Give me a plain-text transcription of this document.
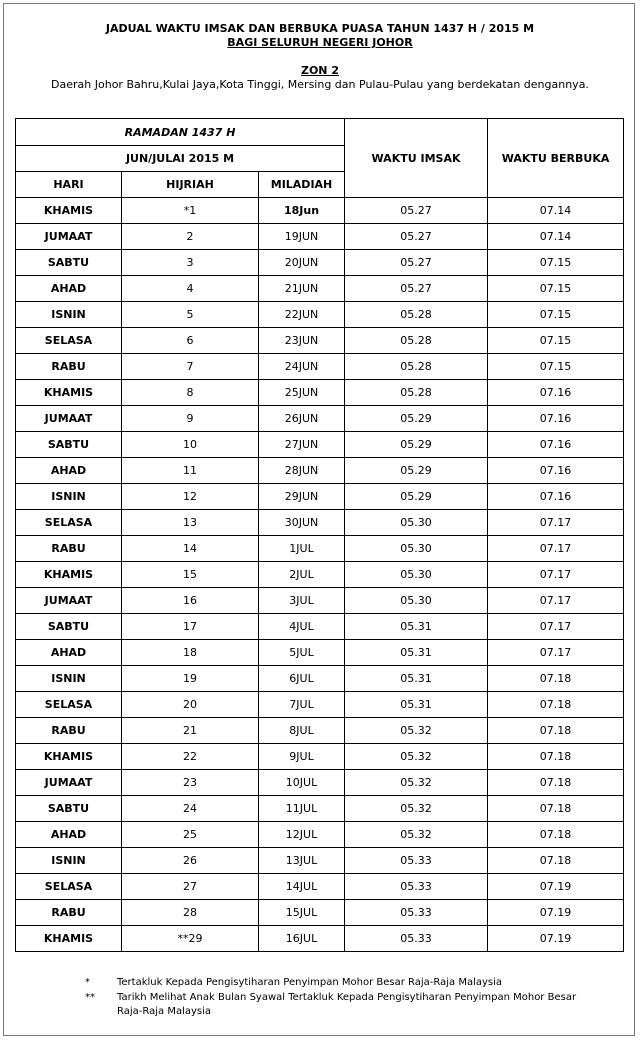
JADUAL WAKTU IMSAK DAN BERBUKA PUASA TAHUN 1437 H / 2015 M
BAGI SELURUH NEGERI JOHOR
ZON 2
Daerah Johor Bahru,Kulai Jaya,Kota Tinggi, Mersing dan Pulau-Pulau yang berdekatan dengannya.
RAMADAN 1437 H			WAKTU IMSAK	WAKTU BERBUKA
JUN/JULAI 2015 M				
HARI	HIJRIAH	MILADIAH		
KHAMIS	*1	18Jun	05.27	07.14
JUMAAT	2	19JUN	05.27	07.14
SABTU	3	20JUN	05.27	07.15
AHAD	4	21JUN	05.27	07.15
ISNIN	5	22JUN	05.28	07.15
SELASA	6	23JUN	05.28	07.15
RABU	7	24JUN	05.28	07.15
KHAMIS	8	25JUN	05.28	07.16
JUMAAT	9	26JUN	05.29	07.16
SABTU	10	27JUN	05.29	07.16
AHAD	11	28JUN	05.29	07.16
ISNIN	12	29JUN	05.29	07.16
SELASA	13	30JUN	05.30	07.17
RABU	14	1JUL	05.30	07.17
KHAMIS	15	2JUL	05.30	07.17
JUMAAT	16	3JUL	05.30	07.17
SABTU	17	4JUL	05.31	07.17
AHAD	18	5JUL	05.31	07.17
ISNIN	19	6JUL	05.31	07.18
SELASA	20	7JUL	05.31	07.18
RABU	21	8JUL	05.32	07.18
KHAMIS	22	9JUL	05.32	07.18
JUMAAT	23	10JUL	05.32	07.18
SABTU	24	11JUL	05.32	07.18
AHAD	25	12JUL	05.32	07.18
ISNIN	26	13JUL	05.33	07.18
SELASA	27	14JUL	05.33	07.19
RABU	28	15JUL	05.33	07.19
KHAMIS	**29	16JUL	05.33	07.19
*	Tertakluk Kepada Pengisytiharan Penyimpan Mohor Besar Raja-Raja Malaysia
** Tarikh Melihat Anak Bulan Syawal Tertakluk Kepada Pengisytiharan Penyimpan Mohor Besar
Raja-Raja Malaysia
